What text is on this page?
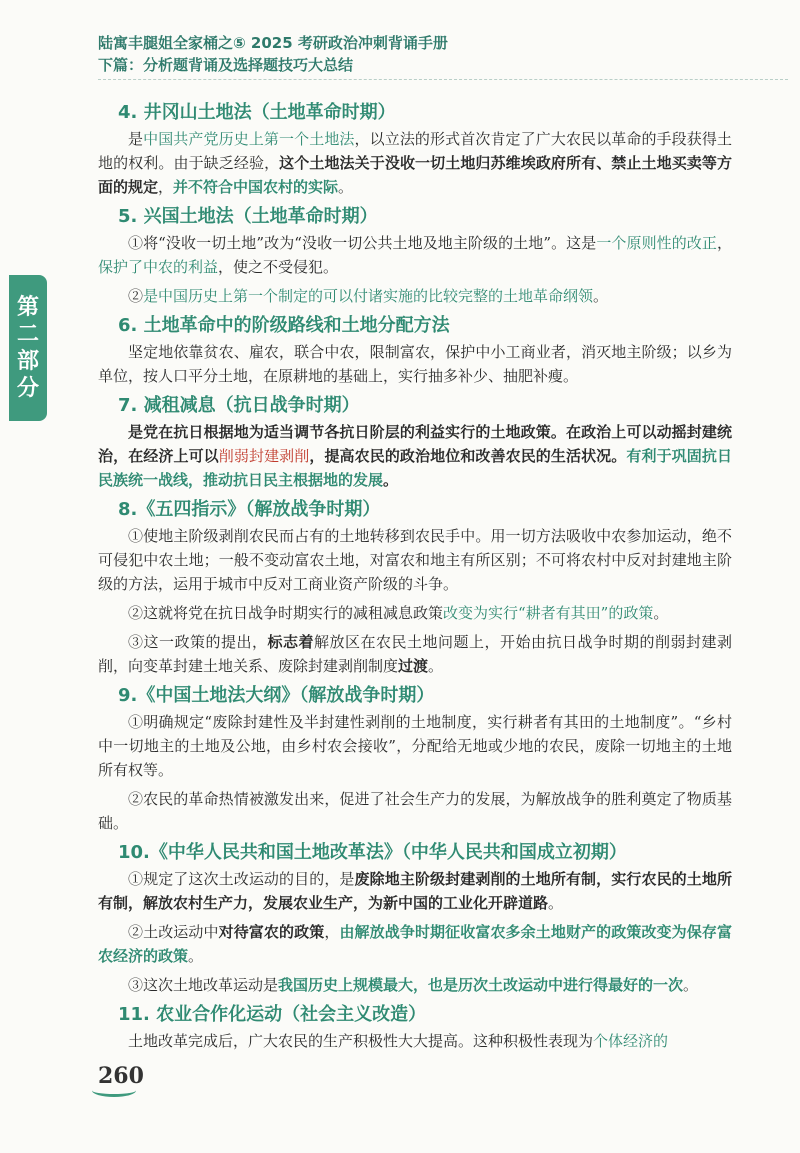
陆寓丰腿姐全家桶之⑤ 2025 考研政治冲刺背诵手册
下篇：分析题背诵及选择题技巧大总结
第二部分
4. 井冈山土地法（土地革命时期）
是中国共产党历史上第一个土地法，以立法的形式首次肯定了广大农民以革命的手段获得土地的权利。由于缺乏经验，这个土地法关于没收一切土地归苏维埃政府所有、禁止土地买卖等方面的规定，并不符合中国农村的实际。
5. 兴国土地法（土地革命时期）
①将“没收一切土地”改为“没收一切公共土地及地主阶级的土地”。这是一个原则性的改正，保护了中农的利益，使之不受侵犯。
②是中国历史上第一个制定的可以付诸实施的比较完整的土地革命纲领。
6. 土地革命中的阶级路线和土地分配方法
坚定地依靠贫农、雇农，联合中农，限制富农，保护中小工商业者，消灭地主阶级；以乡为单位，按人口平分土地，在原耕地的基础上，实行抽多补少、抽肥补瘦。
7. 减租减息（抗日战争时期）
是党在抗日根据地为适当调节各抗日阶层的利益实行的土地政策。在政治上可以动摇封建统治，在经济上可以削弱封建剥削，提高农民的政治地位和改善农民的生活状况。有利于巩固抗日民族统一战线，推动抗日民主根据地的发展。
8.《五四指示》（解放战争时期）
①使地主阶级剥削农民而占有的土地转移到农民手中。用一切方法吸收中农参加运动，绝不可侵犯中农土地；一般不变动富农土地，对富农和地主有所区别；不可将农村中反对封建地主阶级的方法，运用于城市中反对工商业资产阶级的斗争。
②这就将党在抗日战争时期实行的减租减息政策改变为实行“耕者有其田”的政策。
③这一政策的提出，标志着解放区在农民土地问题上，开始由抗日战争时期的削弱封建剥削，向变革封建土地关系、废除封建剥削制度过渡。
9.《中国土地法大纲》（解放战争时期）
①明确规定“废除封建性及半封建性剥削的土地制度，实行耕者有其田的土地制度”。“乡村中一切地主的土地及公地，由乡村农会接收”，分配给无地或少地的农民，废除一切地主的土地所有权等。
②农民的革命热情被激发出来，促进了社会生产力的发展，为解放战争的胜利奠定了物质基础。
10.《中华人民共和国土地改革法》（中华人民共和国成立初期）
①规定了这次土改运动的目的，是废除地主阶级封建剥削的土地所有制，实行农民的土地所有制，解放农村生产力，发展农业生产，为新中国的工业化开辟道路。
②土改运动中对待富农的政策，由解放战争时期征收富农多余土地财产的政策改变为保存富农经济的政策。
③这次土地改革运动是我国历史上规模最大，也是历次土改运动中进行得最好的一次。
11. 农业合作化运动（社会主义改造）
土地改革完成后，广大农民的生产积极性大大提高。这种积极性表现为个体经济的
260
